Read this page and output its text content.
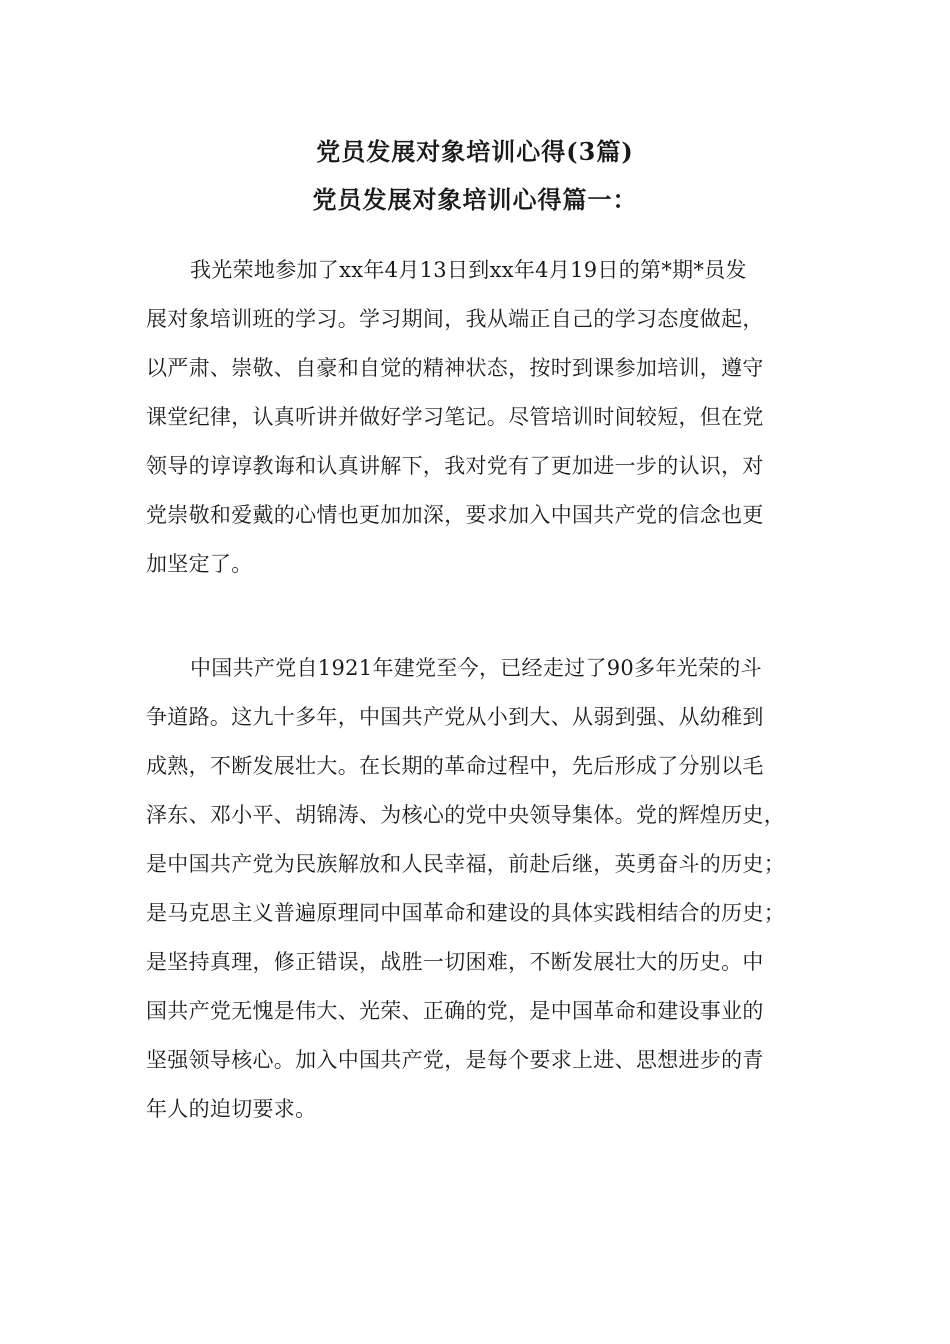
党员发展对象培训心得(3篇)
党员发展对象培训心得篇一：
我光荣地参加了xx年4月13日到xx年4月19日的第*期*员发
展对象培训班的学习。学习期间，我从端正自己的学习态度做起，
以严肃、崇敬、自豪和自觉的精神状态，按时到课参加培训，遵守
课堂纪律，认真听讲并做好学习笔记。尽管培训时间较短，但在党
领导的谆谆教诲和认真讲解下，我对党有了更加进一步的认识，对
党崇敬和爱戴的心情也更加加深，要求加入中国共产党的信念也更
加坚定了。
中国共产党自1921年建党至今，已经走过了90多年光荣的斗
争道路。这九十多年，中国共产党从小到大、从弱到强、从幼稚到
成熟，不断发展壮大。在长期的革命过程中，先后形成了分别以毛
泽东、邓小平、胡锦涛、为核心的党中央领导集体。党的辉煌历史，
是中国共产党为民族解放和人民幸福，前赴后继，英勇奋斗的历史；
是马克思主义普遍原理同中国革命和建设的具体实践相结合的历史；
是坚持真理，修正错误，战胜一切困难，不断发展壮大的历史。中
国共产党无愧是伟大、光荣、正确的党，是中国革命和建设事业的
坚强领导核心。加入中国共产党，是每个要求上进、思想进步的青
年人的迫切要求。
